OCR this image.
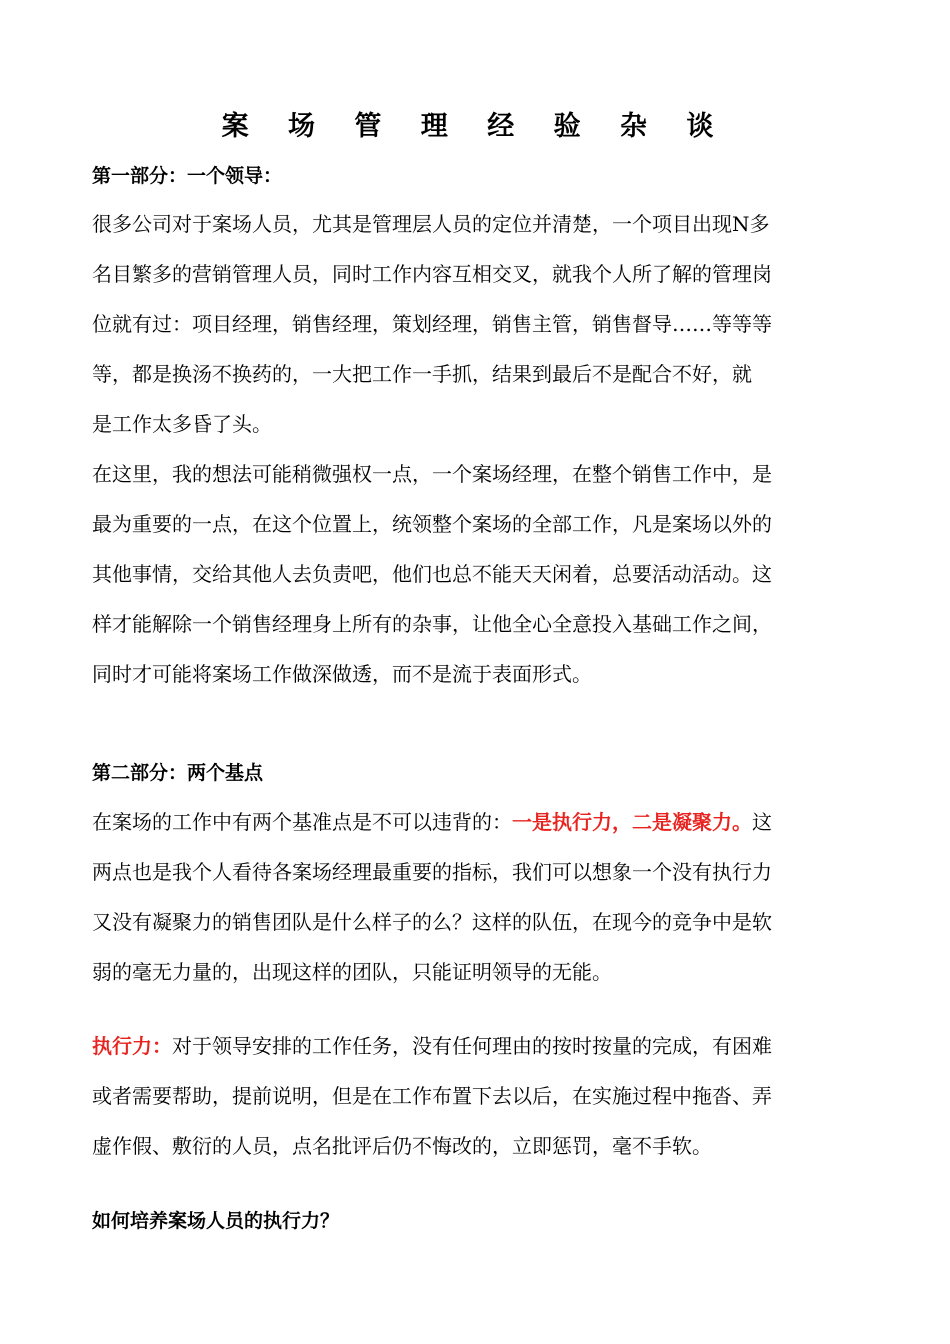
案 场 管 理 经 验 杂 谈
第一部分：一个领导：
很多公司对于案场人员，尤其是管理层人员的定位并清楚，一个项目出现N多
名目繁多的营销管理人员，同时工作内容互相交叉，就我个人所了解的管理岗
位就有过：项目经理，销售经理，策划经理，销售主管，销售督导……等等等
等，都是换汤不换药的，一大把工作一手抓，结果到最后不是配合不好，就
是工作太多昏了头。
在这里，我的想法可能稍微强权一点，一个案场经理，在整个销售工作中，是
最为重要的一点，在这个位置上，统领整个案场的全部工作，凡是案场以外的
其他事情，交给其他人去负责吧，他们也总不能天天闲着，总要活动活动。这
样才能解除一个销售经理身上所有的杂事，让他全心全意投入基础工作之间，
同时才可能将案场工作做深做透，而不是流于表面形式。
第二部分：两个基点
在案场的工作中有两个基准点是不可以违背的：一是执行力，二是凝聚力。这
两点也是我个人看待各案场经理最重要的指标，我们可以想象一个没有执行力
又没有凝聚力的销售团队是什么样子的么？这样的队伍，在现今的竞争中是软
弱的毫无力量的，出现这样的团队，只能证明领导的无能。
执行力：对于领导安排的工作任务，没有任何理由的按时按量的完成，有困难
或者需要帮助，提前说明，但是在工作布置下去以后，在实施过程中拖沓、弄
虚作假、敷衍的人员，点名批评后仍不悔改的，立即惩罚，毫不手软。
如何培养案场人员的执行力？
